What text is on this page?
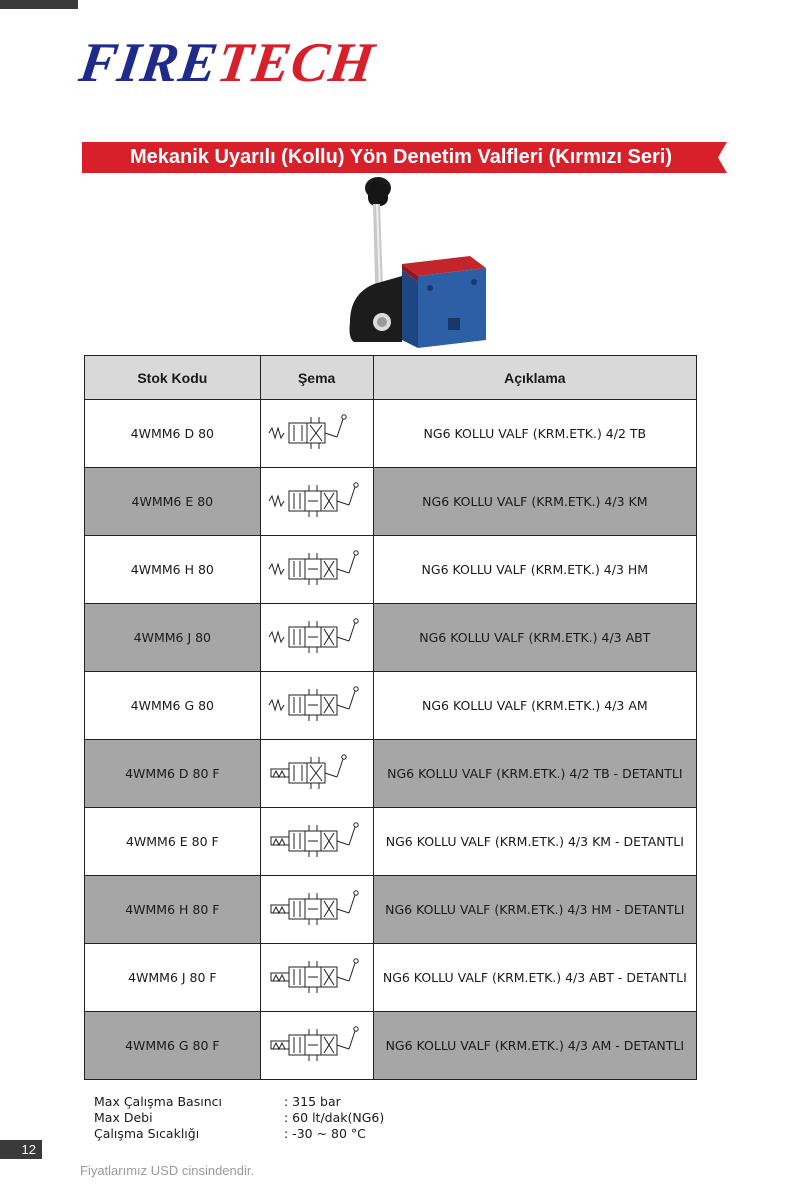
FIRETECH
Mekanik Uyarılı (Kollu) Yön Denetim Valfleri (Kırmızı Seri)
Stok Kodu	Şema	Açıklama
4WMM6 D 80		NG6 KOLLU VALF (KRM.ETK.) 4/2 TB
4WMM6 E 80		NG6 KOLLU VALF (KRM.ETK.) 4/3 KM
4WMM6 H 80		NG6 KOLLU VALF (KRM.ETK.) 4/3 HM
4WMM6 J 80		NG6 KOLLU VALF (KRM.ETK.) 4/3 ABT
4WMM6 G 80		NG6 KOLLU VALF (KRM.ETK.) 4/3 AM
4WMM6 D 80 F		NG6 KOLLU VALF (KRM.ETK.) 4/2 TB - DETANTLI
4WMM6 E 80 F		NG6 KOLLU VALF (KRM.ETK.) 4/3 KM - DETANTLI
4WMM6 H 80 F		NG6 KOLLU VALF (KRM.ETK.) 4/3 HM - DETANTLI
4WMM6 J 80 F		NG6 KOLLU VALF (KRM.ETK.) 4/3 ABT - DETANTLI
4WMM6 G 80 F		NG6 KOLLU VALF (KRM.ETK.) 4/3 AM - DETANTLI
Max Çalışma Basıncı	: 315 bar
Max Debi	: 60 lt/dak(NG6)
Çalışma Sıcaklığı	: -30 ~ 80 °C
12
Fiyatlarımız USD cinsindendir.
